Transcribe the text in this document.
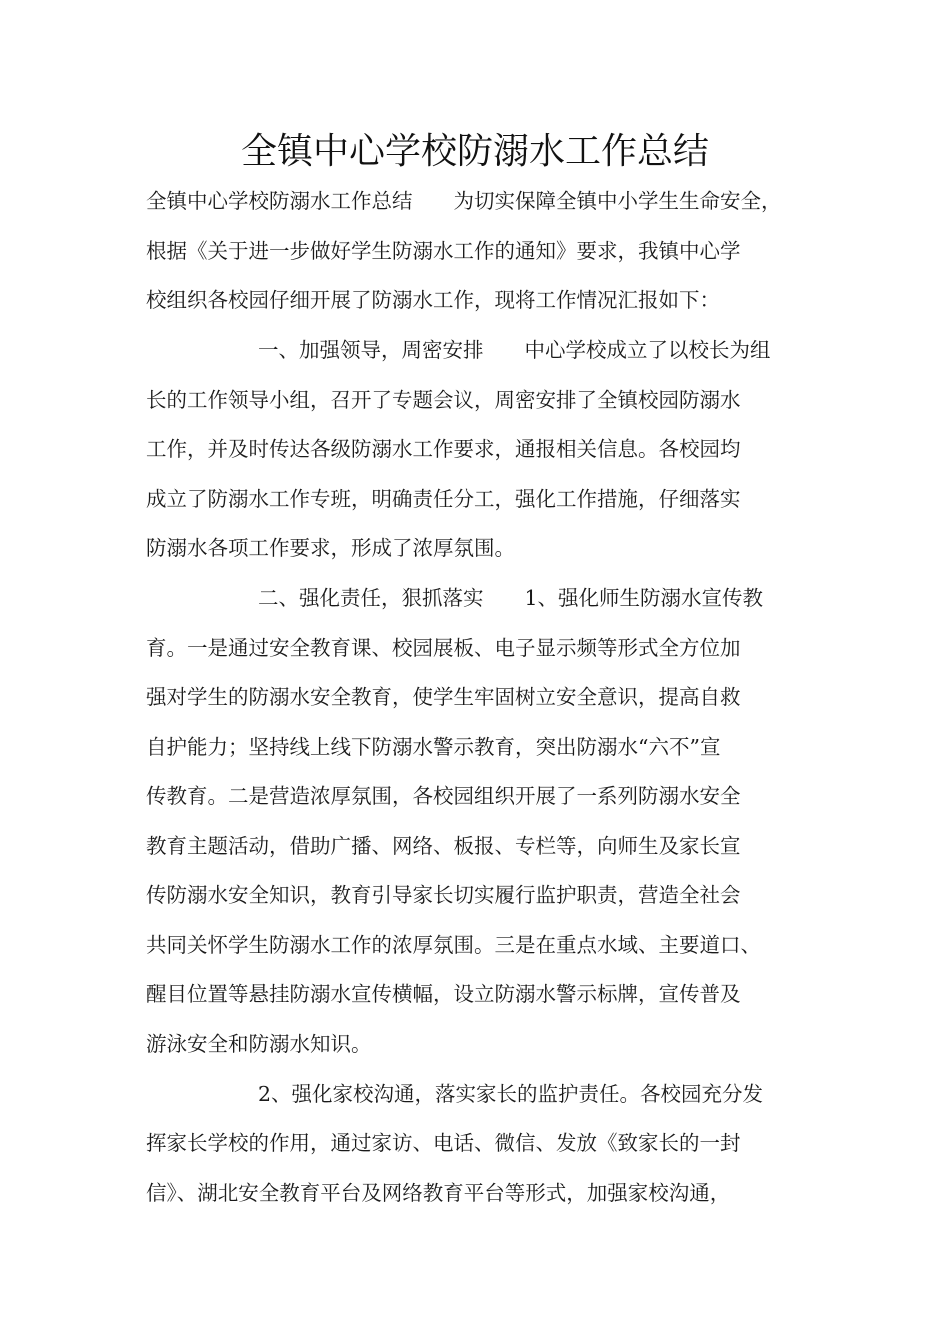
全镇中心学校防溺水工作总结
全镇中心学校防溺水工作总结　　为切实保障全镇中小学生生命安全，
根据《关于进一步做好学生防溺水工作的通知》要求，我镇中心学
校组织各校园仔细开展了防溺水工作，现将工作情况汇报如下：
一、加强领导，周密安排　　中心学校成立了以校长为组
长的工作领导小组，召开了专题会议，周密安排了全镇校园防溺水
工作，并及时传达各级防溺水工作要求，通报相关信息。各校园均
成立了防溺水工作专班，明确责任分工，强化工作措施，仔细落实
防溺水各项工作要求，形成了浓厚氛围。
二、强化责任，狠抓落实　　1、强化师生防溺水宣传教
育。一是通过安全教育课、校园展板、电子显示频等形式全方位加
强对学生的防溺水安全教育，使学生牢固树立安全意识，提高自救
自护能力；坚持线上线下防溺水警示教育，突出防溺水“六不”宣
传教育。二是营造浓厚氛围，各校园组织开展了一系列防溺水安全
教育主题活动，借助广播、网络、板报、专栏等，向师生及家长宣
传防溺水安全知识，教育引导家长切实履行监护职责，营造全社会
共同关怀学生防溺水工作的浓厚氛围。三是在重点水域、主要道口、
醒目位置等悬挂防溺水宣传横幅，设立防溺水警示标牌，宣传普及
游泳安全和防溺水知识。
2、强化家校沟通，落实家长的监护责任。各校园充分发
挥家长学校的作用，通过家访、电话、微信、发放《致家长的一封
信》、湖北安全教育平台及网络教育平台等形式，加强家校沟通，
